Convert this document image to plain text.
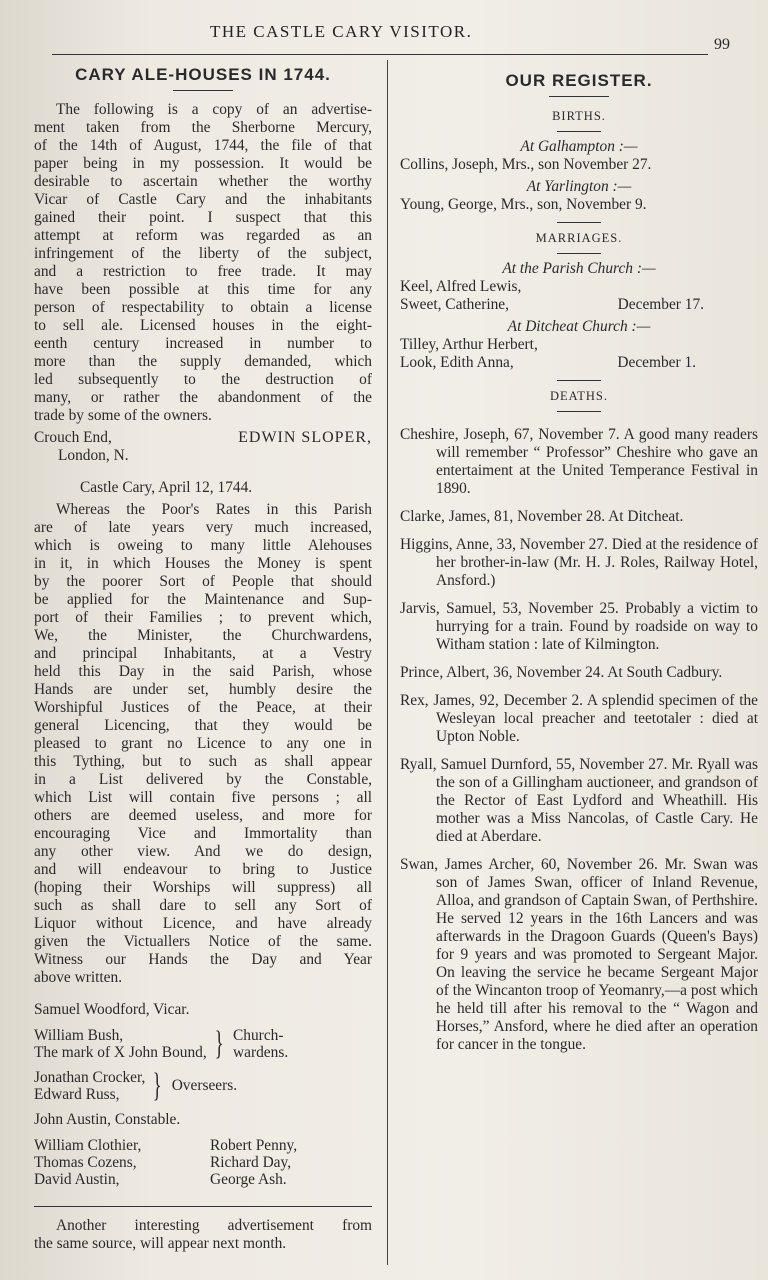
THE CASTLE CARY VISITOR.
99
CARY ALE-HOUSES IN 1744.
The following is a copy of an advertise-
ment taken from the Sherborne Mercury,
of the 14th of August, 1744, the file of that
paper being in my possession. It would be
desirable to ascertain whether the worthy
Vicar of Castle Cary and the inhabitants
gained their point. I suspect that this
attempt at reform was regarded as an
infringement of the liberty of the subject,
and a restriction to free trade. It may
have been possible at this time for any
person of respectability to obtain a license
to sell ale. Licensed houses in the eight-
eenth century increased in number to
more than the supply demanded, which
led subsequently to the destruction of
many, or rather the abandonment of the
trade by some of the owners.
Crouch End,
London, N.
EDWIN SLOPER,
Castle Cary, April 12, 1744.
Whereas the Poor's Rates in this Parish
are of late years very much increased,
which is oweing to many little Alehouses
in it, in which Houses the Money is spent
by the poorer Sort of People that should
be applied for the Maintenance and Sup-
port of their Families ; to prevent which,
We, the Minister, the Churchwardens,
and principal Inhabitants, at a Vestry
held this Day in the said Parish, whose
Hands are under set, humbly desire the
Worshipful Justices of the Peace, at their
general Licencing, that they would be
pleased to grant no Licence to any one in
this Tything, but to such as shall appear
in a List delivered by the Constable,
which List will contain five persons ; all
others are deemed useless, and more for
encouraging Vice and Immortality than
any other view. And we do design,
and will endeavour to bring to Justice
(hoping their Worships will suppress) all
such as shall dare to sell any Sort of
Liquor without Licence, and have already
given the Victuallers Notice of the same.
Witness our Hands the Day and Year
above written.
Samuel Woodford, Vicar.
William Bush,
The mark of X John Bound, } Church-
wardens.
Jonathan Crocker,
Edward Russ, } Overseers.
John Austin, Constable.
William Clothier,	Robert Penny,
Thomas Cozens,	Richard Day,
David Austin,	George Ash.
Another interesting advertisement from
the same source, will appear next month.
OUR REGISTER.
BIRTHS.
At Galhampton :—
Collins, Joseph, Mrs., son November 27.
At Yarlington :—
Young, George, Mrs., son, November 9.
MARRIAGES.
At the Parish Church :—
Keel, Alfred Lewis,
Sweet, Catherine,	December 17.
At Ditcheat Church :—
Tilley, Arthur Herbert,
Look, Edith Anna,	December 1.
DEATHS.

Cheshire, Joseph, 67, November 7. A good many readers will remember “ Professor” Cheshire who gave an entertaiment at the United Temperance Festival in 1890.

Clarke, James, 81, November 28. At Ditcheat.

Higgins, Anne, 33, November 27. Died at the residence of her brother-in-law (Mr. H. J. Roles, Railway Hotel, Ansford.)

Jarvis, Samuel, 53, November 25. Probably a victim to hurrying for a train. Found by roadside on way to Witham station : late of Kilmington.

Prince, Albert, 36, November 24. At South Cadbury.

Rex, James, 92, December 2. A splendid specimen of the Wesleyan local preacher and teetotaler : died at Upton Noble.

Ryall, Samuel Durnford, 55, November 27. Mr. Ryall was the son of a Gillingham auctioneer, and grandson of the Rector of East Lydford and Wheathill. His mother was a Miss Nancolas, of Castle Cary. He died at Aberdare.

Swan, James Archer, 60, November 26. Mr. Swan was son of James Swan, officer of Inland Revenue, Alloa, and grandson of Captain Swan, of Perthshire. He served 12 years in the 16th Lancers and was afterwards in the Dragoon Guards (Queen's Bays) for 9 years and was promoted to Sergeant Major. On leaving the service he became Sergeant Major of the Wincanton troop of Yeomanry,—a post which he held till after his removal to the “ Wagon and Horses,” Ansford, where he died after an operation for cancer in the tongue.
